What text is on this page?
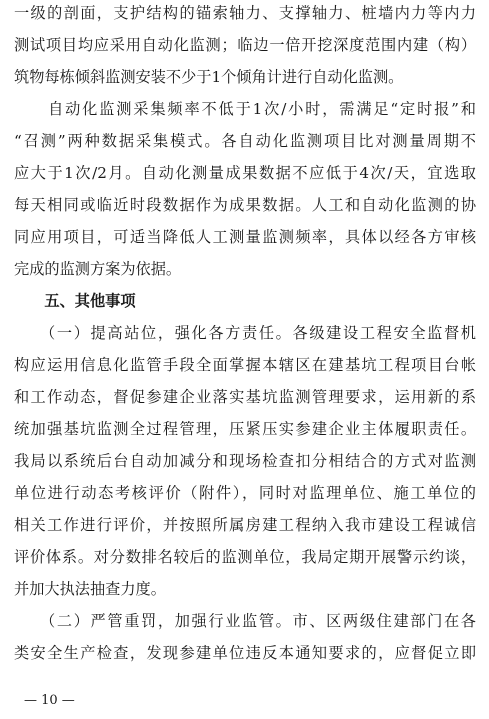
一级的剖面，支护结构的锚索轴力、支撑轴力、桩墙内力等内力
测试项目均应采用自动化监测；临边一倍开挖深度范围内建（构）
筑物每栋倾斜监测安装不少于1个倾角计进行自动化监测。
　　自动化监测采集频率不低于1次/小时，需满足“定时报”和
“召测”两种数据采集模式。各自动化监测项目比对测量周期不
应大于1次/2月。自动化测量成果数据不应低于4次/天，宜选取
每天相同或临近时段数据作为成果数据。人工和自动化监测的协
同应用项目，可适当降低人工测量监测频率，具体以经各方审核
完成的监测方案为依据。
　　五、其他事项
　　（一）提高站位，强化各方责任。各级建设工程安全监督机
构应运用信息化监管手段全面掌握本辖区在建基坑工程项目台帐
和工作动态，督促参建企业落实基坑监测管理要求，运用新的系
统加强基坑监测全过程管理，压紧压实参建企业主体履职责任。
我局以系统后台自动加减分和现场检查扣分相结合的方式对监测
单位进行动态考核评价（附件），同时对监理单位、施工单位的
相关工作进行评价，并按照所属房建工程纳入我市建设工程诚信
评价体系。对分数排名较后的监测单位，我局定期开展警示约谈，
并加大执法抽查力度。
　　（二）严管重罚，加强行业监管。市、区两级住建部门在各
类安全生产检查，发现参建单位违反本通知要求的，应督促立即
— 10 —
